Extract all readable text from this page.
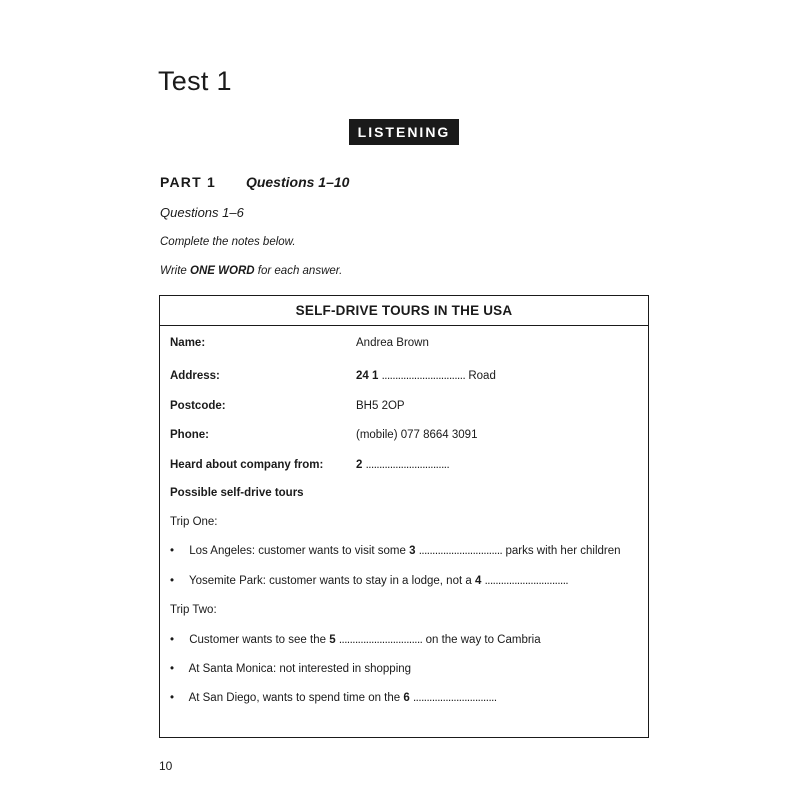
Test 1
LISTENING
PART 1 Questions 1–10
Questions 1–6
Complete the notes below.
Write ONE WORD for each answer.
SELF-DRIVE TOURS IN THE USA
Name:	Andrea Brown
Address:	24 1 ............................... Road
Postcode:	BH5 2OP
Phone:	(mobile) 077 8664 3091
Heard about company from:	2 ...............................
Possible self-drive tours
Trip One:
• Los Angeles: customer wants to visit some 3 ............................... parks with her children
• Yosemite Park: customer wants to stay in a lodge, not a 4 ...............................
Trip Two:
• Customer wants to see the 5 ............................... on the way to Cambria
• At Santa Monica: not interested in shopping
• At San Diego, wants to spend time on the 6 ...............................
10
